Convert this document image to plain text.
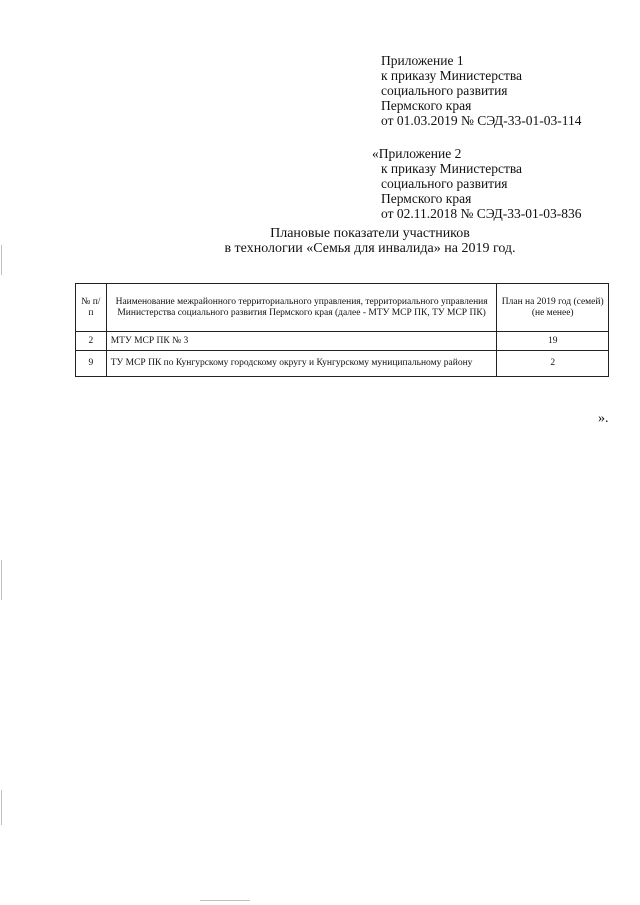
Приложение 1
к приказу Министерства
социального развития
Пермского края
от 01.03.2019 № СЭД-33-01-03-114
«Приложение 2
к приказу Министерства
социального развития
Пермского края
от 02.11.2018 № СЭД-33-01-03-836
Плановые показатели участников
в технологии «Семья для инвалида» на 2019 год.
№ п/п	Наименование межрайонного территориального управления, территориального управления Министерства социального развития Пермского края (далее - МТУ МСР ПК, ТУ МСР ПК)	План на 2019 год (семей) (не менее)
2	МТУ МСР ПК № 3	19
9	ТУ МСР ПК по Кунгурскому городскому округу и Кунгурскому муниципальному району	2
».
